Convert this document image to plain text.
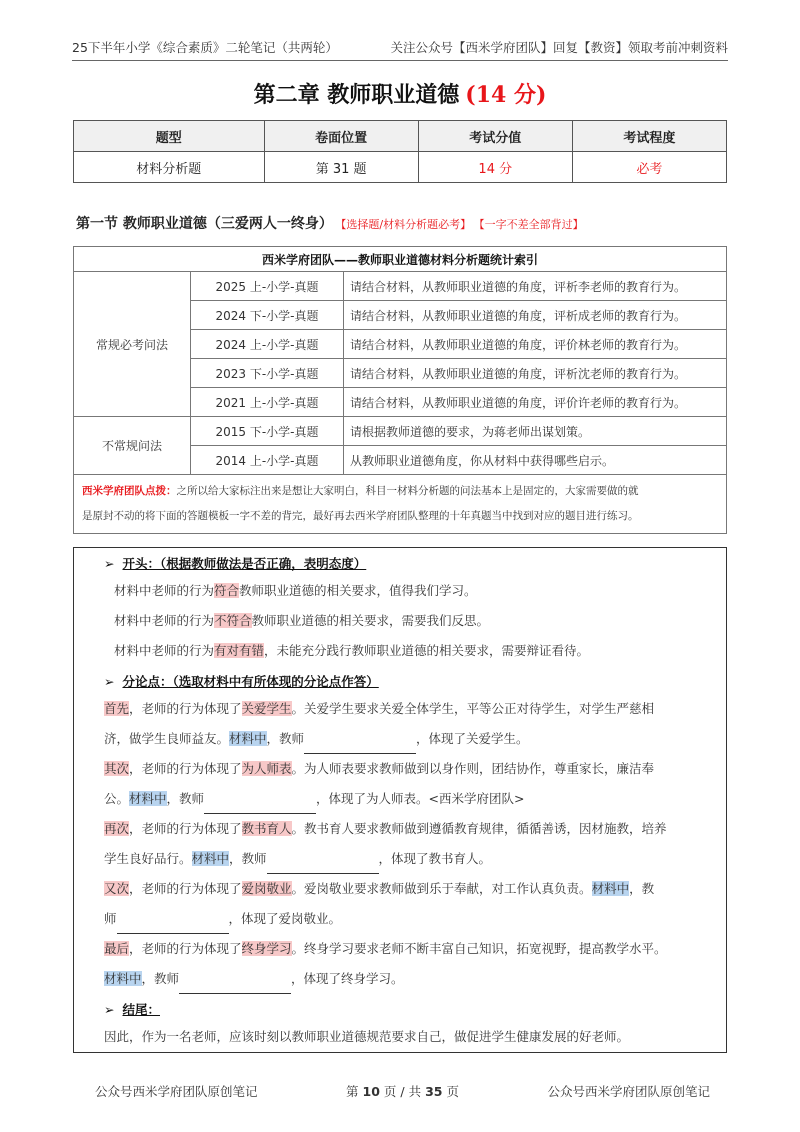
25下半年小学《综合素质》二轮笔记（共两轮）	关注公众号【西米学府团队】回复【教资】领取考前冲刺资料
第二章 教师职业道德 (14 分)
题型	卷面位置	考试分值	考试程度
材料分析题	第 31 题	14 分	必考
第一节 教师职业道德（三爱两人一终身） 【选择题/材料分析题必考】 【一字不差全部背过】
西米学府团队——教师职业道德材料分析题统计索引		
常规必考问法	2025 上-小学-真题	请结合材料，从教师职业道德的角度，评析李老师的教育行为。
	2024 下-小学-真题	请结合材料，从教师职业道德的角度，评析成老师的教育行为。
	2024 上-小学-真题	请结合材料，从教师职业道德的角度，评价林老师的教育行为。
	2023 下-小学-真题	请结合材料，从教师职业道德的角度，评析沈老师的教育行为。
	2021 上-小学-真题	请结合材料，从教师职业道德的角度，评价许老师的教育行为。
不常规问法	2015 下-小学-真题	请根据教师道德的要求，为蒋老师出谋划策。
	2014 上-小学-真题	从教师职业道德角度，你从材料中获得哪些启示。
西米学府团队点拨：之所以给大家标注出来是想让大家明白，科目一材料分析题的问法基本上是固定的，大家需要做的就
是原封不动的将下面的答题模板一字不差的背完，最好再去西米学府团队整理的十年真题当中找到对应的题目进行练习。		
➢ 开头：（根据教师做法是否正确，表明态度）
材料中老师的行为符合教师职业道德的相关要求，值得我们学习。
材料中老师的行为不符合教师职业道德的相关要求，需要我们反思。
材料中老师的行为有对有错，未能充分践行教师职业道德的相关要求，需要辩证看待。
➢ 分论点：（选取材料中有所体现的分论点作答）
首先，老师的行为体现了关爱学生。关爱学生要求关爱全体学生，平等公正对待学生，对学生严慈相
济，做学生良师益友。材料中，教师	，体现了关爱学生。
其次，老师的行为体现了为人师表。为人师表要求教师做到以身作则，团结协作，尊重家长，廉洁奉
公。材料中，教师	，体现了为人师表。<西米学府团队>
再次，老师的行为体现了教书育人。教书育人要求教师做到遵循教育规律，循循善诱，因材施教，培养
学生良好品行。材料中，教师	，体现了教书育人。
又次，老师的行为体现了爱岗敬业。爱岗敬业要求教师做到乐于奉献，对工作认真负责。材料中，教
师	，体现了爱岗敬业。
最后，老师的行为体现了终身学习。终身学习要求老师不断丰富自己知识，拓宽视野，提高教学水平。
材料中，教师	，体现了终身学习。
➢ 结尾：
因此，作为一名老师，应该时刻以教师职业道德规范要求自己，做促进学生健康发展的好老师。
公众号西米学府团队原创笔记	第 10 页 / 共 35 页	公众号西米学府团队原创笔记
